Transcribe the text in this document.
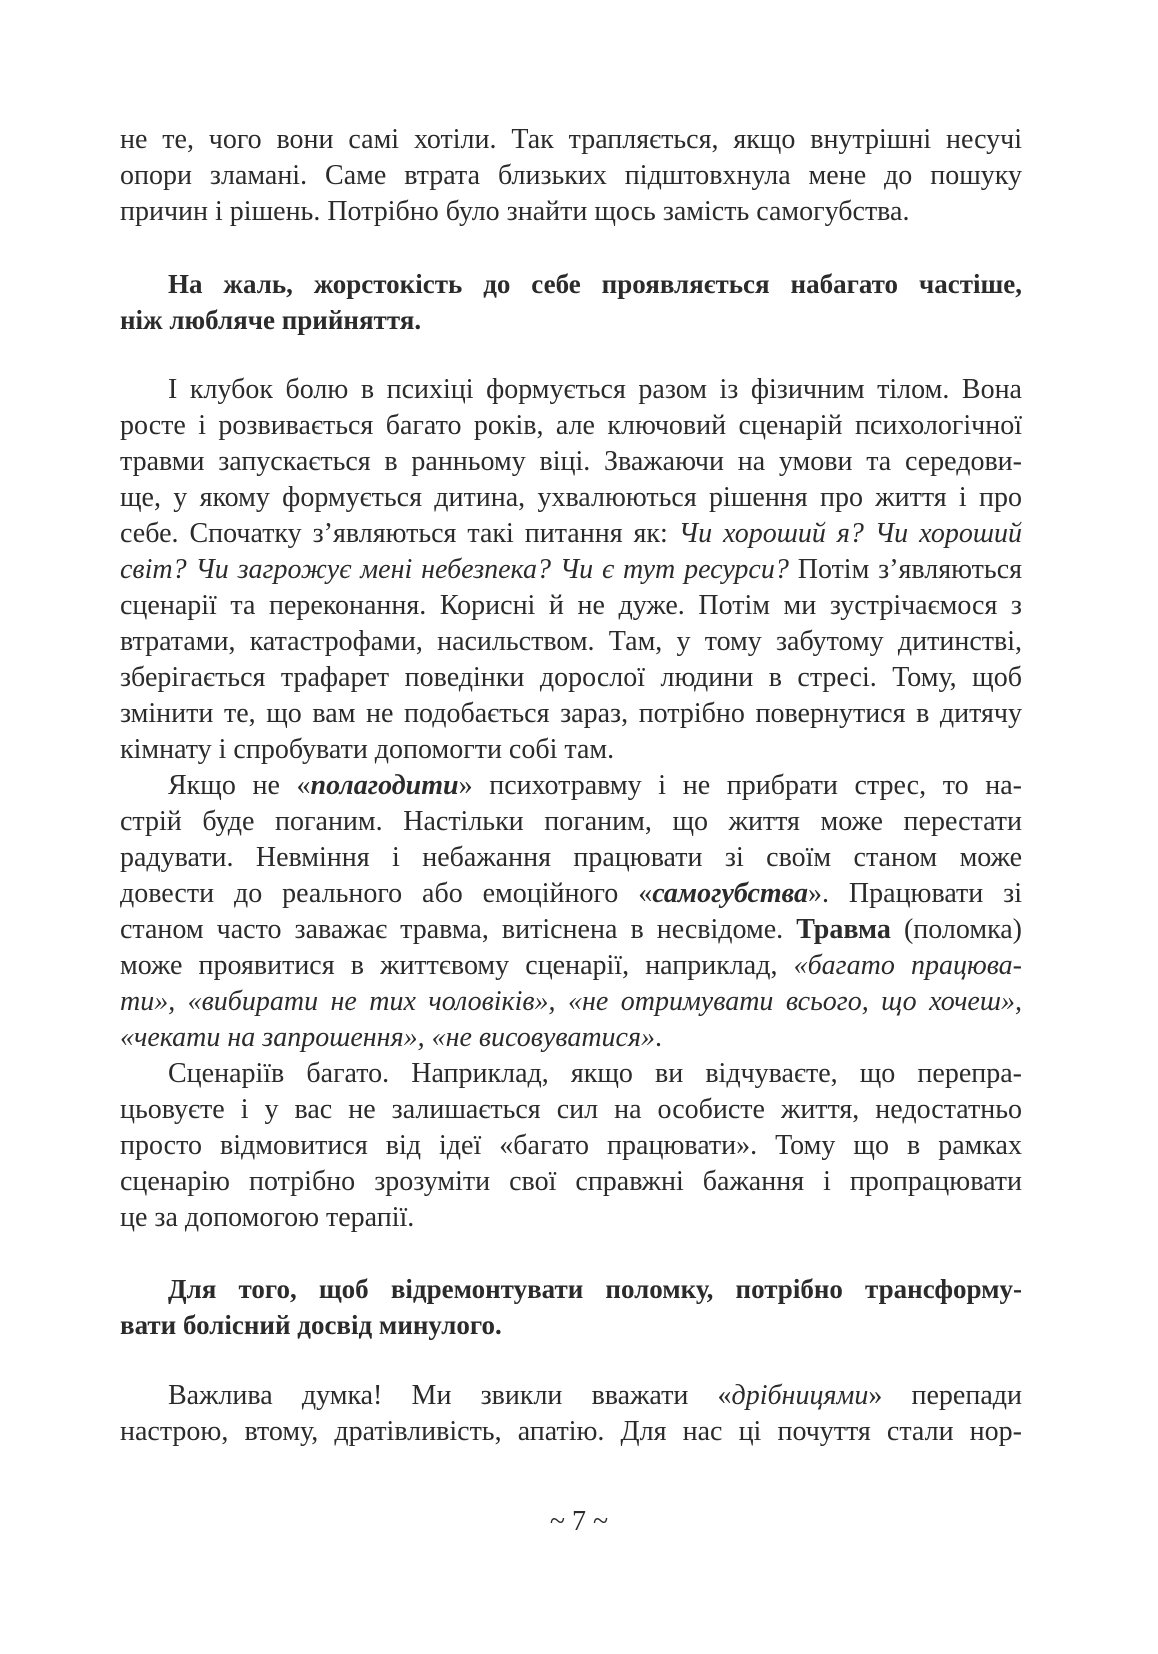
не те, чого вони самі хотіли. Так трапляється, якщо внутрішні несучі
опори зламані. Саме втрата близьких підштовхнула мене до пошуку
причин і рішень. Потрібно було знайти щось замість самогубства.
На жаль, жорстокість до себе проявляється набагато частіше,
ніж люблячe прийняття.
І клубок болю в психіці формується разом із фізичним тілом. Вона
росте і розвивається багато років, але ключовий сценарій психологічної
травми запускається в ранньому віці. Зважаючи на умови та середови-
ще, у якому формується дитина, ухвалюються рішення про життя і про
себе. Спочатку з’являються такі питання як: Чи хороший я? Чи хороший
світ? Чи загрожує мені небезпека? Чи є тут ресурси? Потім з’являються
сценарії та переконання. Корисні й не дуже. Потім ми зустрічаємося з
втратами, катастрофами, насильством. Там, у тому забутому дитинстві,
зберігається трафарет поведінки дорослої людини в стресі. Тому, щоб
змінити те, що вам не подобається зараз, потрібно повернутися в дитячу
кімнату і спробувати допомогти собі там.
Якщо не «полагодити» психотравму і не прибрати стрес, то на-
стрій буде поганим. Настільки поганим, що життя може перестати
радувати. Невміння і небажання працювати зі своїм станом може
довести до реального або емоційного «самогубства». Працювати зі
станом часто заважає травма, витіснена в несвідоме. Травма (поломка)
може проявитися в життєвому сценарії, наприклад, «багато працюва-
ти», «вибирати не тих чоловіків», «не отримувати всього, що хочеш»,
«чекати на запрошення», «не висовуватися».
Сценаріїв багато. Наприклад, якщо ви відчуваєте, що перепра-
цьовуєте і у вас не залишається сил на особисте життя, недостатньо
просто відмовитися від ідеї «багато працювати». Тому що в рамках
сценарію потрібно зрозуміти свої справжні бажання і пропрацювати
це за допомогою терапії.
Для того, щоб відремонтувати поломку, потрібно трансформу-
вати болісний досвід минулого.
Важлива думка! Ми звикли вважати «дрібницями» перепади
настрою, втому, дратівливість, апатію. Для нас ці почуття стали нор-
~ 7 ~
